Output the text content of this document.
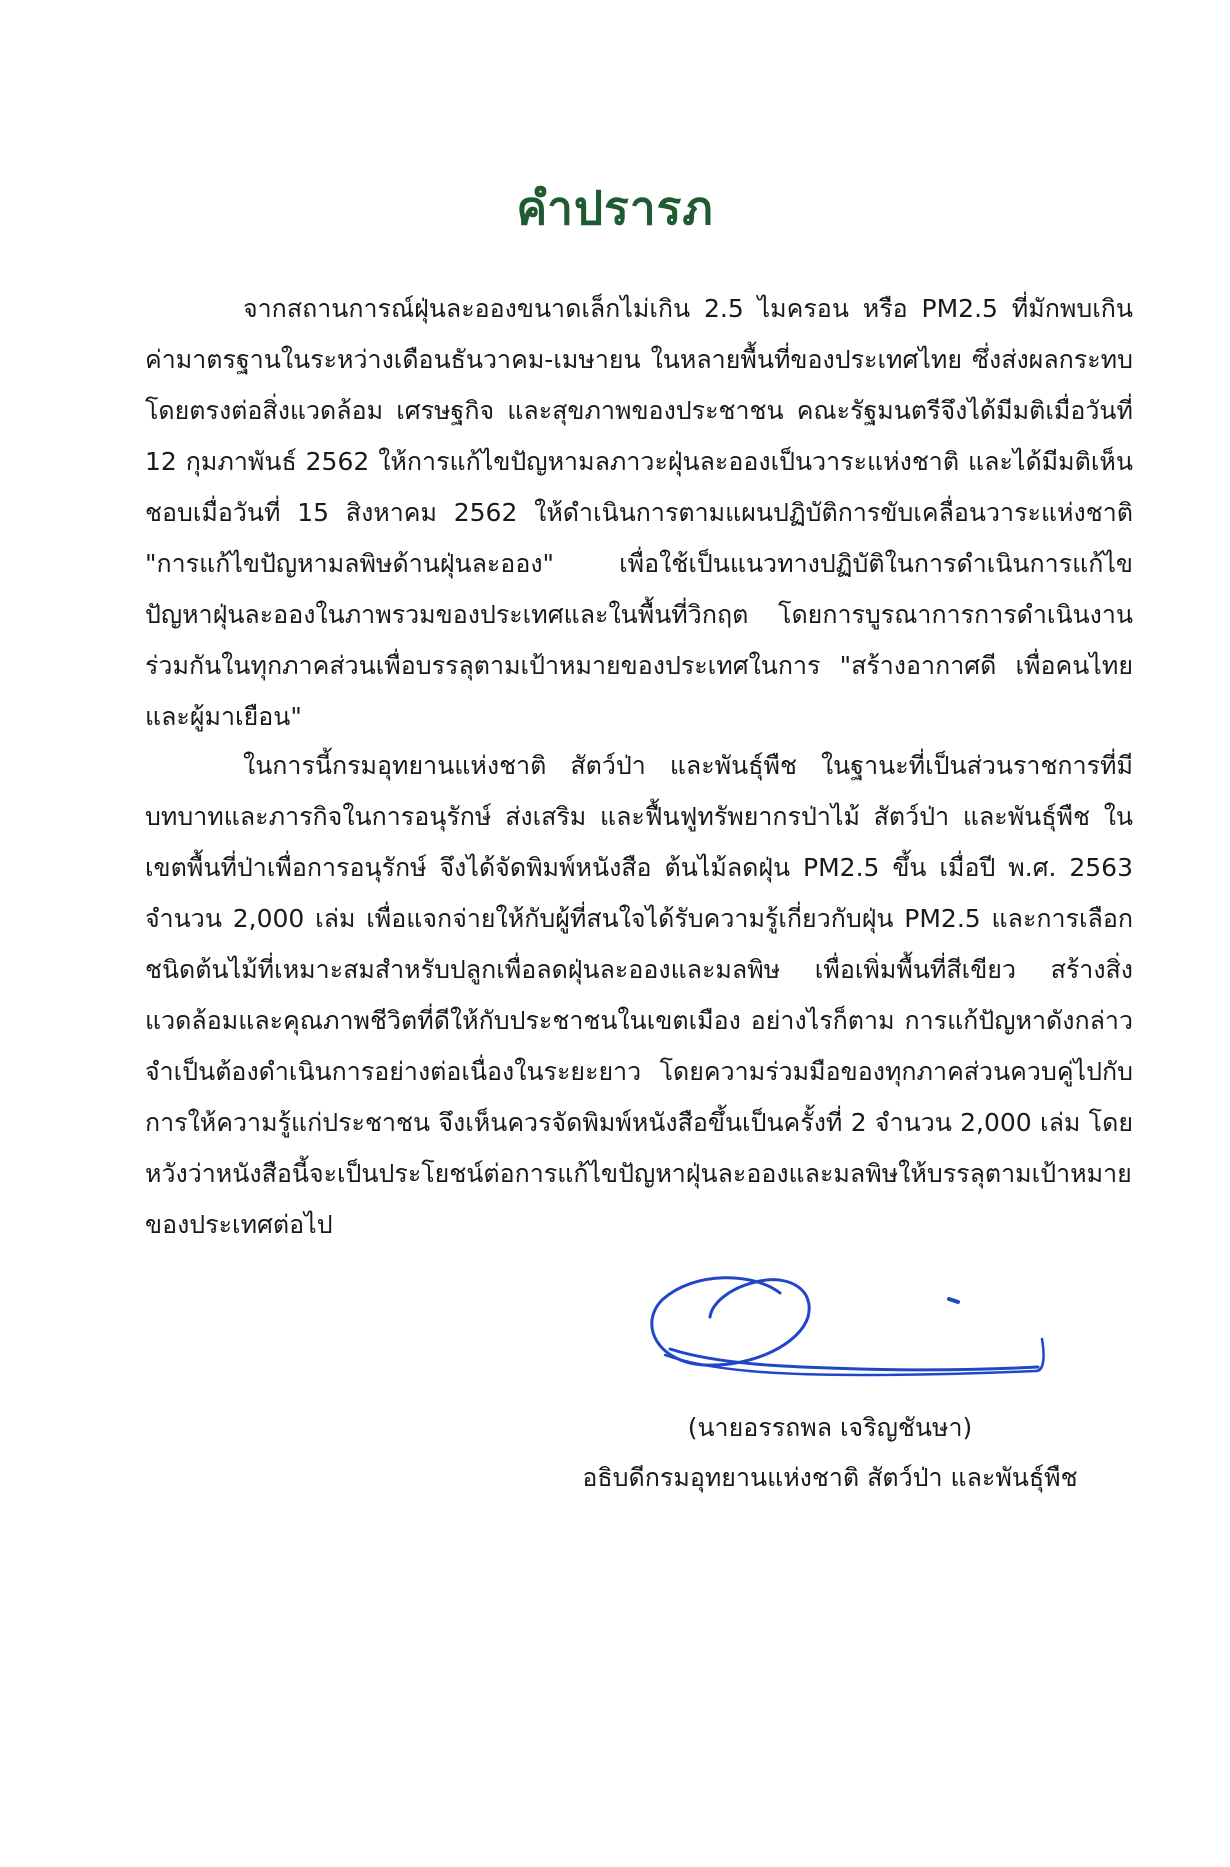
คำปรารภ

จากสถานการณ์ฝุ่นละอองขนาดเล็กไม่เกิน 2.5 ไมครอน หรือ PM2.5 ที่มักพบเกินค่ามาตรฐานในระหว่างเดือนธันวาคม-เมษายน ในหลายพื้นที่ของประเทศไทย ซึ่งส่งผลกระทบโดยตรงต่อสิ่งแวดล้อม เศรษฐกิจ และสุขภาพของประชาชน คณะรัฐมนตรีจึงได้มีมติเมื่อวันที่ 12 กุมภาพันธ์ 2562 ให้การแก้ไขปัญหามลภาวะฝุ่นละอองเป็นวาระแห่งชาติ และได้มีมติเห็นชอบเมื่อวันที่ 15 สิงหาคม 2562 ให้ดำเนินการตามแผนปฏิบัติการขับเคลื่อนวาระแห่งชาติ "การแก้ไขปัญหามลพิษด้านฝุ่นละออง" เพื่อใช้เป็นแนวทางปฏิบัติในการดำเนินการแก้ไขปัญหาฝุ่นละอองในภาพรวมของประเทศและในพื้นที่วิกฤต โดยการบูรณาการการดำเนินงานร่วมกันในทุกภาคส่วนเพื่อบรรลุตามเป้าหมายของประเทศในการ "สร้างอากาศดี เพื่อคนไทย และผู้มาเยือน"

ในการนี้กรมอุทยานแห่งชาติ สัตว์ป่า และพันธุ์พืช ในฐานะที่เป็นส่วนราชการที่มีบทบาทและภารกิจในการอนุรักษ์ ส่งเสริม และฟื้นฟูทรัพยากรป่าไม้ สัตว์ป่า และพันธุ์พืช ในเขตพื้นที่ป่าเพื่อการอนุรักษ์ จึงได้จัดพิมพ์หนังสือ ต้นไม้ลดฝุ่น PM2.5 ขึ้น เมื่อปี พ.ศ. 2563 จำนวน 2,000 เล่ม เพื่อแจกจ่ายให้กับผู้ที่สนใจได้รับความรู้เกี่ยวกับฝุ่น PM2.5 และการเลือกชนิดต้นไม้ที่เหมาะสมสำหรับปลูกเพื่อลดฝุ่นละอองและมลพิษ เพื่อเพิ่มพื้นที่สีเขียว สร้างสิ่งแวดล้อมและคุณภาพชีวิตที่ดีให้กับประชาชนในเขตเมือง อย่างไรก็ตาม การแก้ปัญหาดังกล่าวจำเป็นต้องดำเนินการอย่างต่อเนื่องในระยะยาว โดยความร่วมมือของทุกภาคส่วนควบคู่ไปกับการให้ความรู้แก่ประชาชน จึงเห็นควรจัดพิมพ์หนังสือขึ้นเป็นครั้งที่ 2 จำนวน 2,000 เล่ม โดยหวังว่าหนังสือนี้จะเป็นประโยชน์ต่อการแก้ไขปัญหาฝุ่นละอองและมลพิษให้บรรลุตามเป้าหมายของประเทศต่อไป

(นายอรรถพล เจริญชันษา)
อธิบดีกรมอุทยานแห่งชาติ สัตว์ป่า และพันธุ์พืช
